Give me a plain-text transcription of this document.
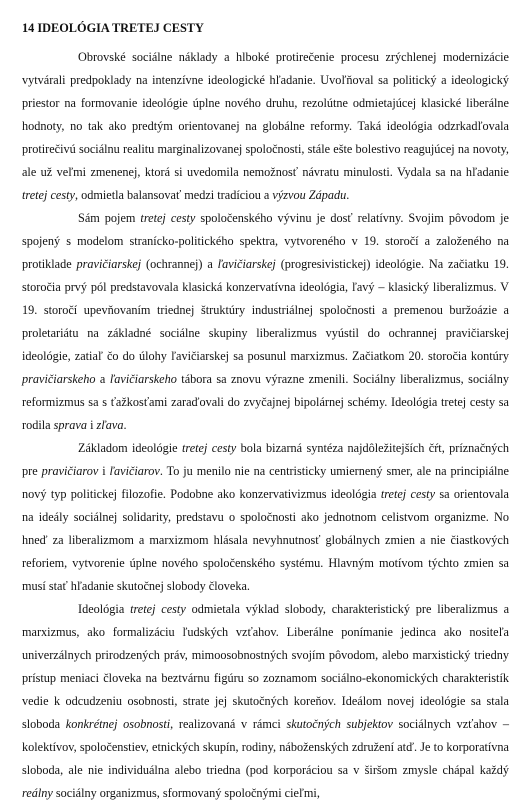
14 IDEOLÓGIA TRETEJ CESTY

Obrovské sociálne náklady a hlboké protirečenie procesu zrýchlenej modernizácie vytvárali predpoklady na intenzívne ideologické hľadanie. Uvoľňoval sa politický a ideologický priestor na formovanie ideológie úplne nového druhu, rezolútne odmietajúcej klasické liberálne hodnoty, no tak ako predtým orientovanej na globálne reformy. Taká ideológia odzrkadľovala protirečivú sociálnu realitu marginalizovanej spoločnosti, stále ešte bolestivo reagujúcej na novoty, ale už veľmi zmenenej, ktorá si uvedomila nemožnosť návratu minulosti. Vydala sa na hľadanie tretej cesty, odmietla balansovať medzi tradíciou a výzvou Západu.

Sám pojem tretej cesty spoločenského vývinu je dosť relatívny. Svojim pôvodom je spojený s modelom stranícko-politického spektra, vytvoreného v 19. storočí a založeného na protiklade pravičiarskej (ochrannej) a ľavičiarskej (progresivistickej) ideológie. Na začiatku 19. storočia prvý pól predstavovala klasická konzervatívna ideológia, ľavý – klasický liberalizmus. V 19. storočí upevňovaním triednej štruktúry industriálnej spoločnosti a premenou buržoázie a proletariátu na základné sociálne skupiny liberalizmus vyústil do ochrannej pravičiarskej ideológie, zatiaľ čo do úlohy ľavičiarskej sa posunul marxizmus. Začiatkom 20. storočia kontúry pravičiarskeho a ľavičiarskeho tábora sa znovu výrazne zmenili. Sociálny liberalizmus, sociálny reformizmus sa s ťažkosťami zaraďovali do zvyčajnej bipolárnej schémy. Ideológia tretej cesty sa rodila sprava i zľava.

Základom ideológie tretej cesty bola bizarná syntéza najdôležitejších čŕt, príznačných pre pravičiarov i ľavičiarov. To ju menilo nie na centristicky umiernený smer, ale na principiálne nový typ politickej filozofie. Podobne ako konzervativizmus ideológia tretej cesty sa orientovala na ideály sociálnej solidarity, predstavu o spoločnosti ako jednotnom celistvom organizme. No hneď za liberalizmom a marxizmom hlásala nevyhnutnosť globálnych zmien a nie čiastkových reforiem, vytvorenie úplne nového spoločenského systému. Hlavným motívom týchto zmien sa musí stať hľadanie skutočnej slobody človeka.

Ideológia tretej cesty odmietala výklad slobody, charakteristický pre liberalizmus a marxizmus, ako formalizáciu ľudských vzťahov. Liberálne ponímanie jedinca ako nositeľa univerzálnych prirodzených práv, mimoosobnostných svojím pôvodom, alebo marxistický triedny prístup meniaci človeka na beztvárnu figúru so zoznamom sociálno-ekonomických charakteristík vedie k odcudzeniu osobnosti, strate jej skutočných koreňov. Ideálom novej ideológie sa stala sloboda konkrétnej osobnosti, realizovaná v rámci skutočných subjektov sociálnych vzťahov – kolektívov, spoločenstiev, etnických skupín, rodiny, náboženských združení atď. Je to korporatívna sloboda, ale nie individuálna alebo triedna (pod korporáciou sa v širšom zmysle chápal každý reálny sociálny organizmus, sformovaný spoločnými cieľmi,
